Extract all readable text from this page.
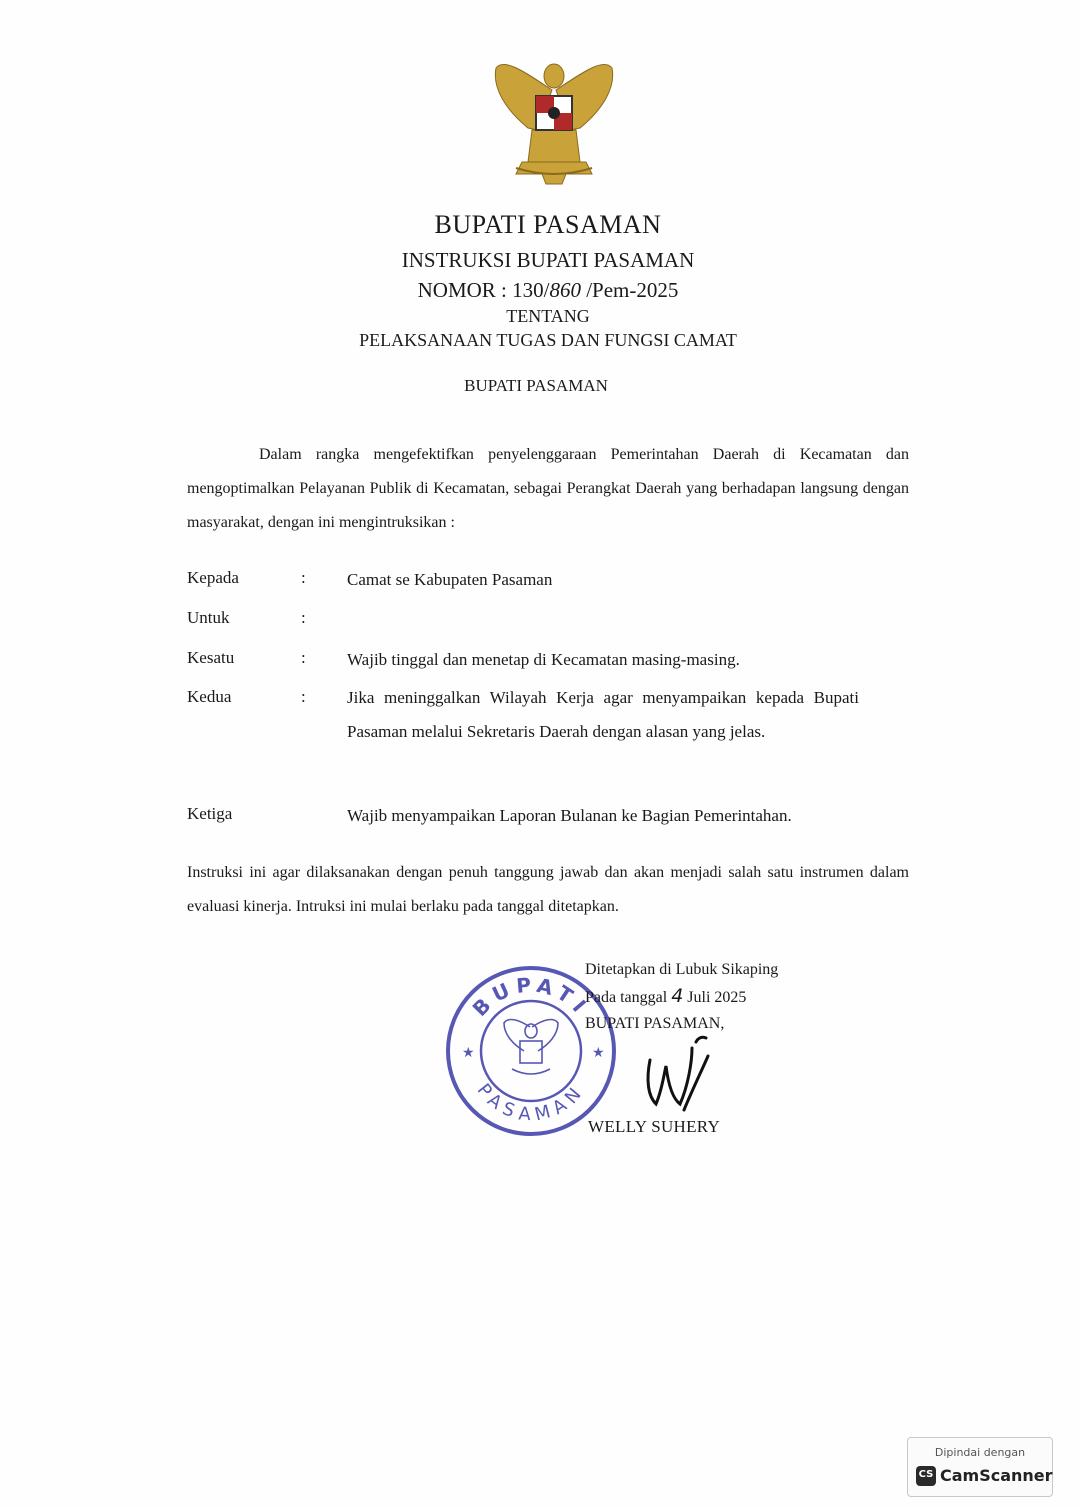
BUPATI PASAMAN
INSTRUKSI BUPATI PASAMAN
NOMOR : 130/860 /Pem-2025
TENTANG
PELAKSANAAN TUGAS DAN FUNGSI CAMAT
BUPATI PASAMAN
Dalam rangka mengefektifkan penyelenggaraan Pemerintahan Daerah di Kecamatan dan mengoptimalkan Pelayanan Publik di Kecamatan, sebagai Perangkat Daerah yang berhadapan langsung dengan masyarakat, dengan ini mengintruksikan :
Kepada	: Camat se Kabupaten Pasaman
Untuk	:
Kesatu	: Wajib tinggal dan menetap di Kecamatan masing-masing.
Kedua	: Jika meninggalkan Wilayah Kerja agar menyampaikan kepada Bupati Pasaman melalui Sekretaris Daerah dengan alasan yang jelas.
Ketiga	Wajib menyampaikan Laporan Bulanan ke Bagian Pemerintahan.
Instruksi ini agar dilaksanakan dengan penuh tanggung jawab dan akan menjadi salah satu instrumen dalam evaluasi kinerja. Intruksi ini mulai berlaku pada tanggal ditetapkan.
BUPATI
PASAMAN
★	★
Ditetapkan di Lubuk Sikaping
Pada tanggal 4 Juli 2025
BUPATI PASAMAN,
WELLY SUHERY
Dipindai dengan
CS CamScanner
